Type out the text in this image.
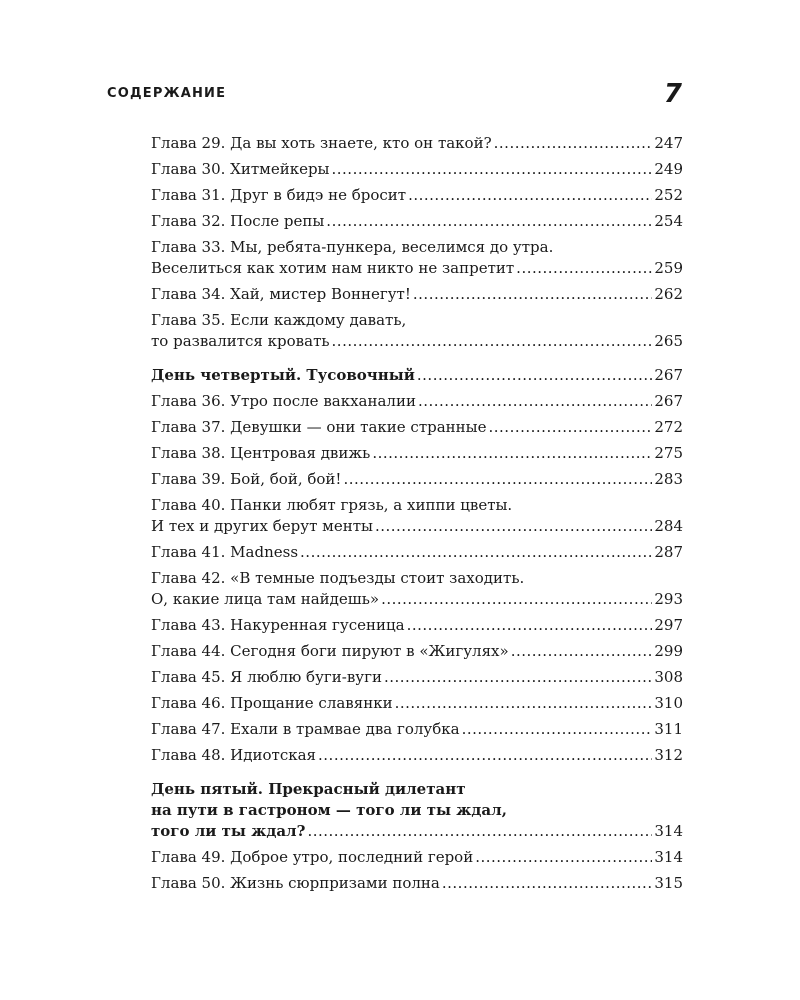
СОДЕРЖАНИЕ	7
Глава 29. Да вы хоть знаете, кто он такой? .....	247
Глава 30. Хитмейкеры .....	249
Глава 31. Друг в бидэ не бросит .....	252
Глава 32. После репы .....	254
Глава 33. Мы, ребята-пункера, веселимся до утра.
Веселиться как хотим нам никто не запретит .....	259
Глава 34. Хай, мистер Воннегут! .....	262
Глава 35. Если каждому давать,
то развалится кровать .....	265
День четвертый. Тусовочный .....	267
Глава 36. Утро после вакханалии .....	267
Глава 37. Девушки — они такие странные .....	272
Глава 38. Центровая движь .....	275
Глава 39. Бой, бой, бой! .....	283
Глава 40. Панки любят грязь, а хиппи цветы.
И тех и других берут менты .....	284
Глава 41. Madness .....	287
Глава 42. «В темные подъезды стоит заходить.
О, какие лица там найдешь» .....	293
Глава 43. Накуренная гусеница .....	297
Глава 44. Сегодня боги пируют в «Жигулях» .....	299
Глава 45. Я люблю буги-вуги .....	308
Глава 46. Прощание славянки .....	310
Глава 47. Ехали в трамвае два голубка .....	311
Глава 48. Идиотская .....	312
День пятый. Прекрасный дилетант
на пути в гастроном — того ли ты ждал,
того ли ты ждал? .....	314
Глава 49. Доброе утро, последний герой .....	314
Глава 50. Жизнь сюрпризами полна .....	315
